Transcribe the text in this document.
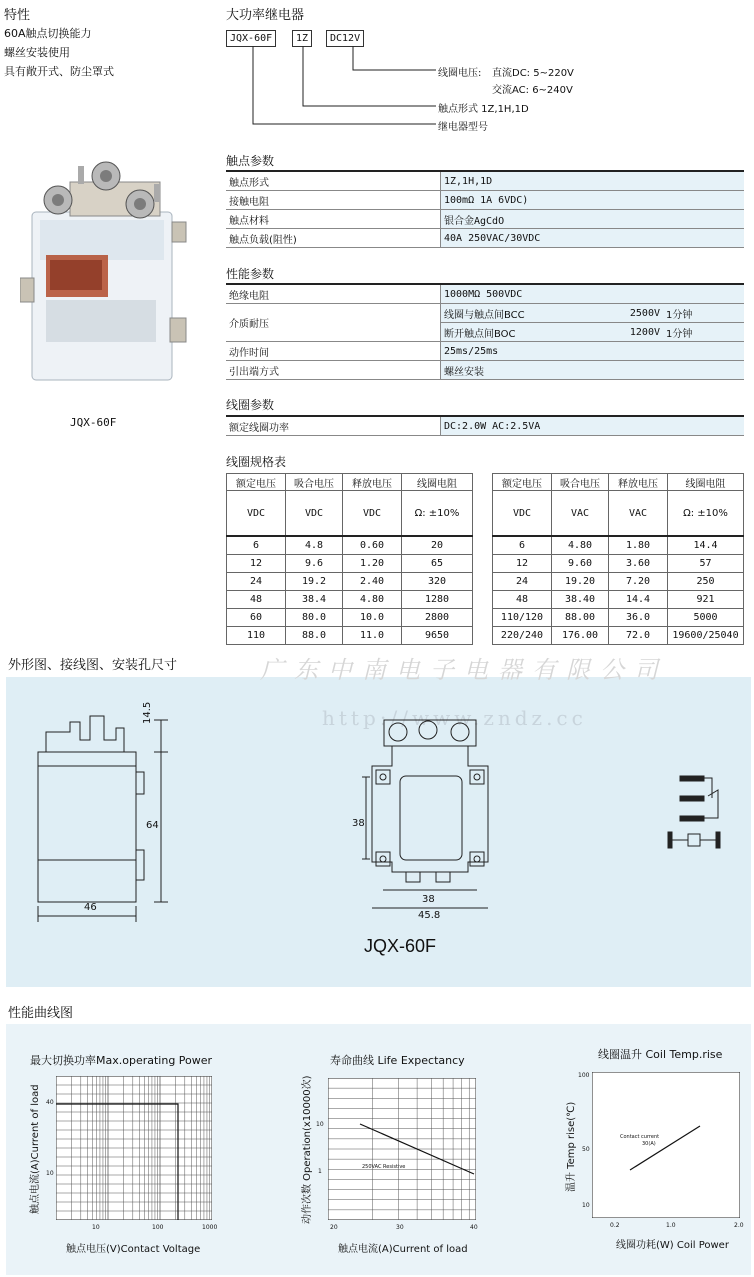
特性
60A触点切换能力
螺丝安装使用
具有敞开式、防尘罩式
大功率继电器
JQX-60F	1Z	DC12V
线圈电压: 直流DC: 5~220V
交流AC: 6~240V
触点形式 1Z,1H,1D
继电器型号
JQX-60F
触点参数
触点形式	1Z,1H,1D
接触电阻	100mΩ 1A 6VDC)
触点材料	银合金AgCdO
触点负载(阻性)	40A 250VAC/30VDC
性能参数
绝缘电阻	1000MΩ 500VDC		
介质耐压	线圈与触点间BCC	2500V	1分钟
	断开触点间BOC	1200V	1分钟
动作时间	25ms/25ms		
引出端方式	螺丝安装		
线圈参数
额定线圈功率	DC:2.0W AC:2.5VA
线圈规格表
额定电压	吸合电压	释放电压	线圈电阻
VDC	VDC	VDC	Ω: ±10%
6	4.8	0.60	20
12	9.6	1.20	65
24	19.2	2.40	320
48	38.4	4.80	1280
60	80.0	10.0	2800
110	88.0	11.0	9650
额定电压	吸合电压	释放电压	线圈电阻
VDC	VAC	VAC	Ω: ±10%
6	4.80	1.80	14.4
12	9.60	3.60	57
24	19.20	7.20	250
48	38.40	14.4	921
110/120	88.00	36.0	5000
220/240	176.00	72.0	19600/25040
外形图、接线图、安装孔尺寸	广东中南电子电器有限公司
http://www.zndz.cc
14.5
64
46
38
38
45.8
JQX-60F
性能曲线图
最大切换功率Max.operating Power
40
10
10	100	1000
触点电压(V)Contact Voltage
触点电流(A)Current of load
寿命曲线 Life Expectancy
250VAC Resistive
10
1
20	30	40
触点电流(A)Current of load
动作次数 Operation(x10000次)
线圈温升 Coil Temp.rise
Contact current
30(A)
100
50
10
0.2	1.0	2.0
线圈功耗(W) Coil Power
温升 Temp rise(℃)
